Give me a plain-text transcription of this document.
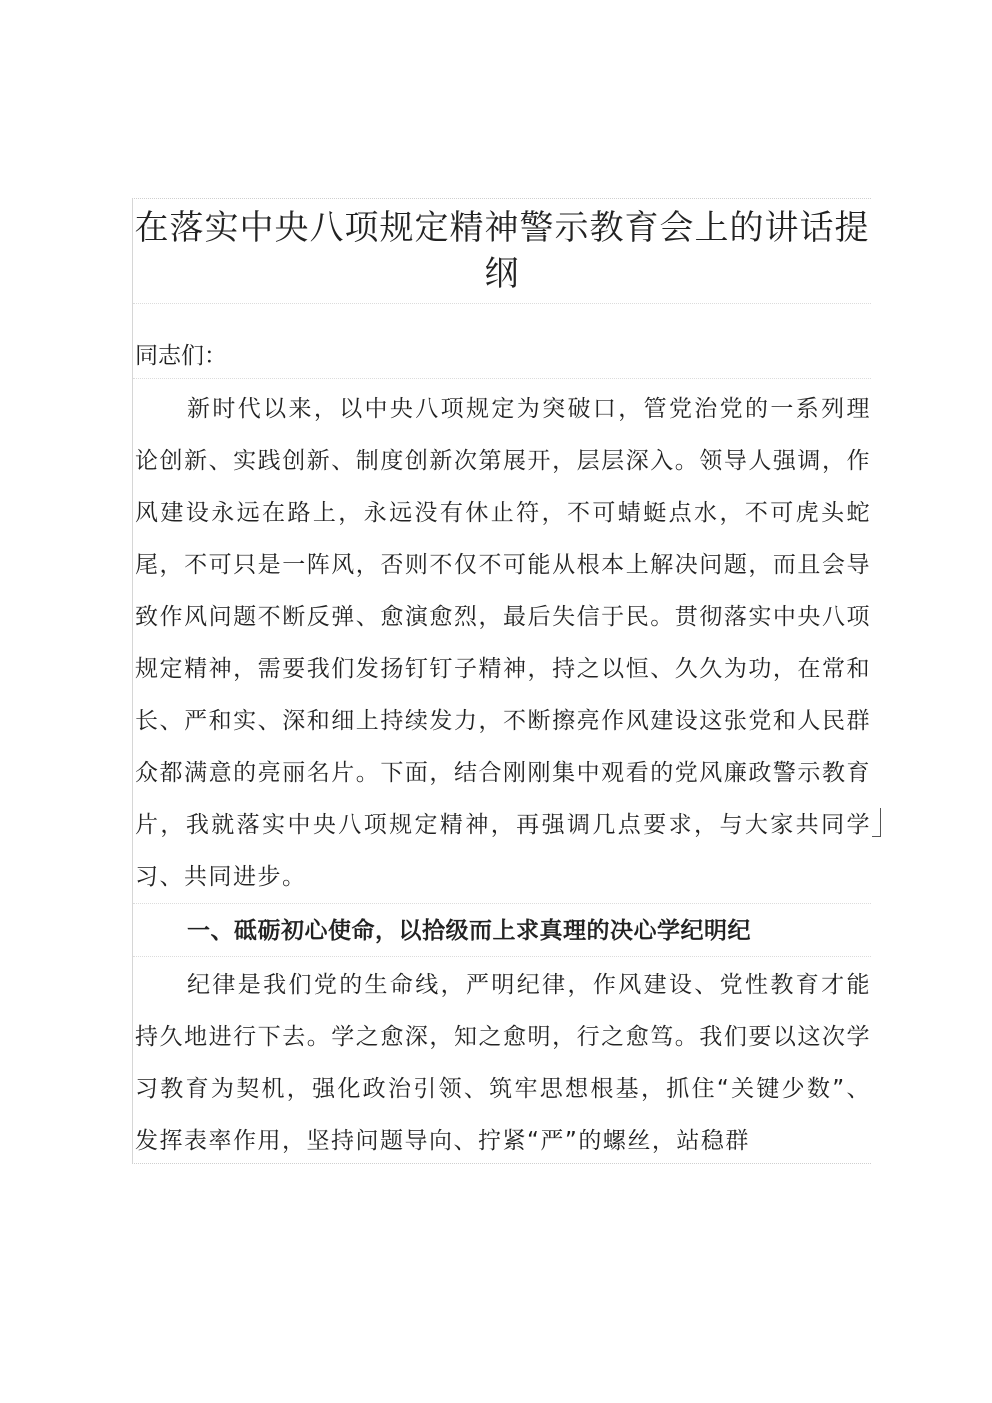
在落实中央八项规定精神警示教育会上的讲话提纲
同志们：

新时代以来，以中央八项规定为突破口，管党治党的一系列理论创新、实践创新、制度创新次第展开，层层深入。领导人强调，作风建设永远在路上，永远没有休止符，不可蜻蜓点水，不可虎头蛇尾，不可只是一阵风，否则不仅不可能从根本上解决问题，而且会导致作风问题不断反弹、愈演愈烈，最后失信于民。贯彻落实中央八项规定精神，需要我们发扬钉钉子精神，持之以恒、久久为功，在常和长、严和实、深和细上持续发力，不断擦亮作风建设这张党和人民群众都满意的亮丽名片。下面，结合刚刚集中观看的党风廉政警示教育片，我就落实中央八项规定精神，再强调几点要求，与大家共同学习、共同进步。

一、砥砺初心使命，以拾级而上求真理的决心学纪明纪

纪律是我们党的生命线，严明纪律，作风建设、党性教育才能持久地进行下去。学之愈深，知之愈明，行之愈笃。我们要以这次学习教育为契机，强化政治引领、筑牢思想根基，抓住“关键少数”、发挥表率作用，坚持问题导向、拧紧“严”的螺丝，站稳群
